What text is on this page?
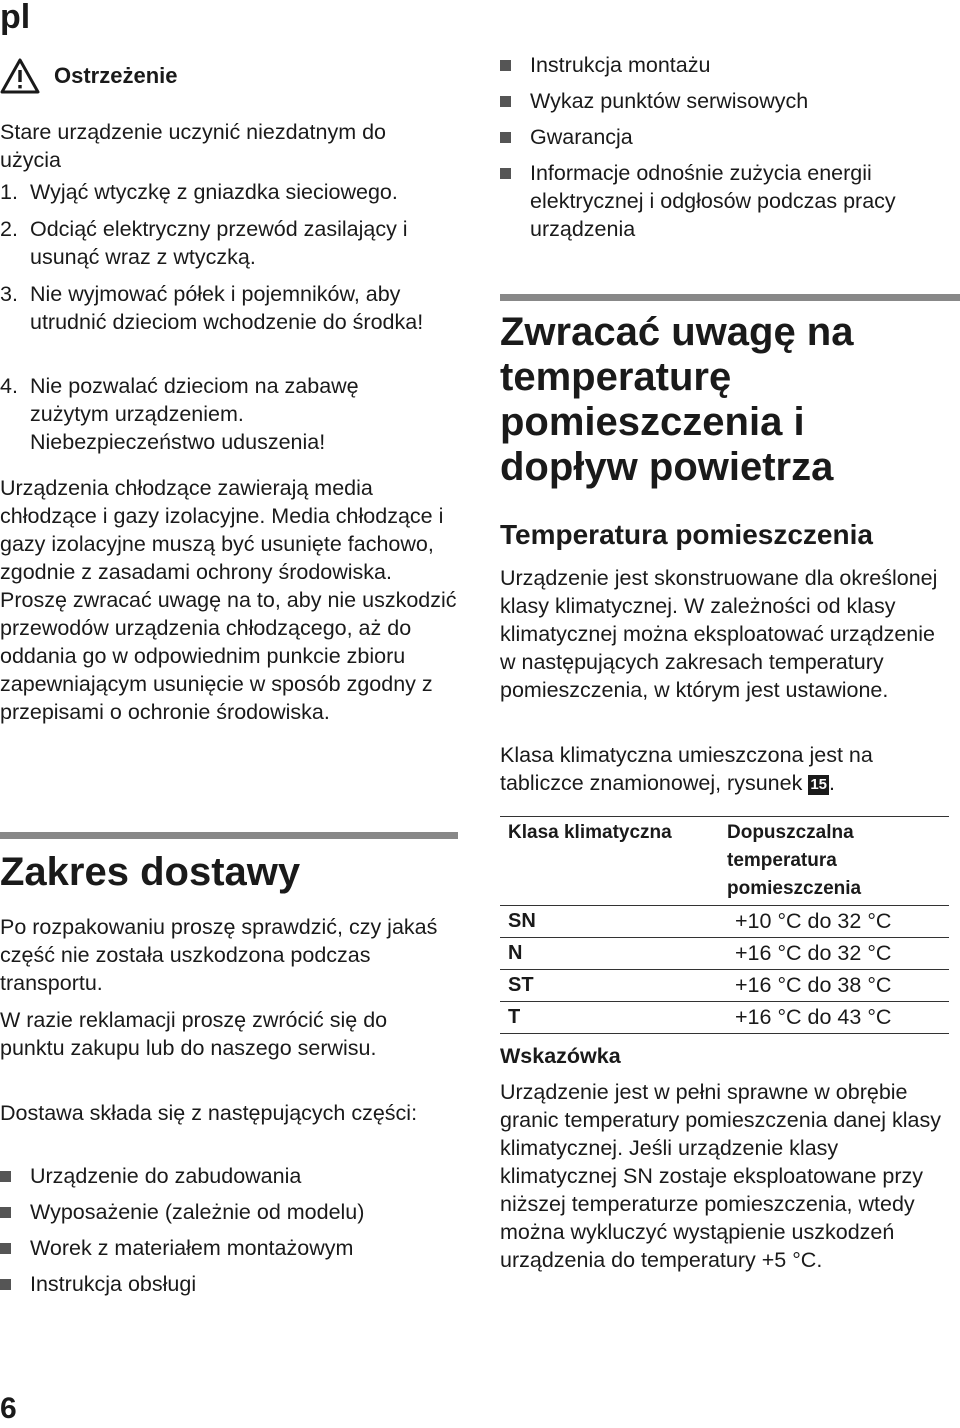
pl
Ostrzeżenie

Stare urządzenie uczynić niezdatnym do użycia

1. Wyjąć wtyczkę z gniazdka sieciowego.
2. Odciąć elektryczny przewód zasilający i usunąć wraz z wtyczką.
3. Nie wyjmować półek i pojemników, aby utrudnić dzieciom wchodzenie do środka!
4. Nie pozwalać dzieciom na zabawę zużytym urządzeniem. Niebezpieczeństwo uduszenia!

Urządzenia chłodzące zawierają media chłodzące i gazy izolacyjne. Media chłodzące i gazy izolacyjne muszą być usunięte fachowo, zgodnie z zasadami ochrony środowiska. Proszę zwracać uwagę na to, aby nie uszkodzić przewodów urządzenia chłodzącego, aż do oddania go w odpowiednim punkcie zbioru zapewniającym usunięcie w sposób zgodny z przepisami o ochronie środowiska.

Zakres dostawy

Po rozpakowaniu proszę sprawdzić, czy jakaś część nie została uszkodzona podczas transportu.

W razie reklamacji proszę zwrócić się do punktu zakupu lub do naszego serwisu.

Dostawa składa się z następujących części:

Urządzenie do zabudowania
Wyposażenie (zależnie od modelu)
Worek z materiałem montażowym
Instrukcja obsługi
Instrukcja montażu
Wykaz punktów serwisowych
Gwarancja
Informacje odnośnie zużycia energii elektrycznej i odgłosów podczas pracy urządzenia
Zwracać uwagę na temperaturę pomieszczenia i dopływ powietrza
Temperatura pomieszczenia

Urządzenie jest skonstruowane dla określonej klasy klimatycznej. W zależności od klasy klimatycznej można eksploatować urządzenie w następujących zakresach temperatury pomieszczenia, w którym jest ustawione.

Klasa klimatyczna umieszczona jest na tabliczce znamionowej, rysunek 15.

Klasa klimatyczna	Dopuszczalna temperatura pomieszczenia
SN	+10 °C do 32 °C
N	+16 °C do 32 °C
ST	+16 °C do 38 °C
T	+16 °C do 43 °C
Wskazówka

Urządzenie jest w pełni sprawne w obrębie granic temperatury pomieszczenia danej klasy klimatycznej. Jeśli urządzenie klasy klimatycznej SN zostaje eksploatowane przy niższej temperaturze pomieszczenia, wtedy można wykluczyć wystąpienie uszkodzeń urządzenia do temperatury +5 °C.

6
